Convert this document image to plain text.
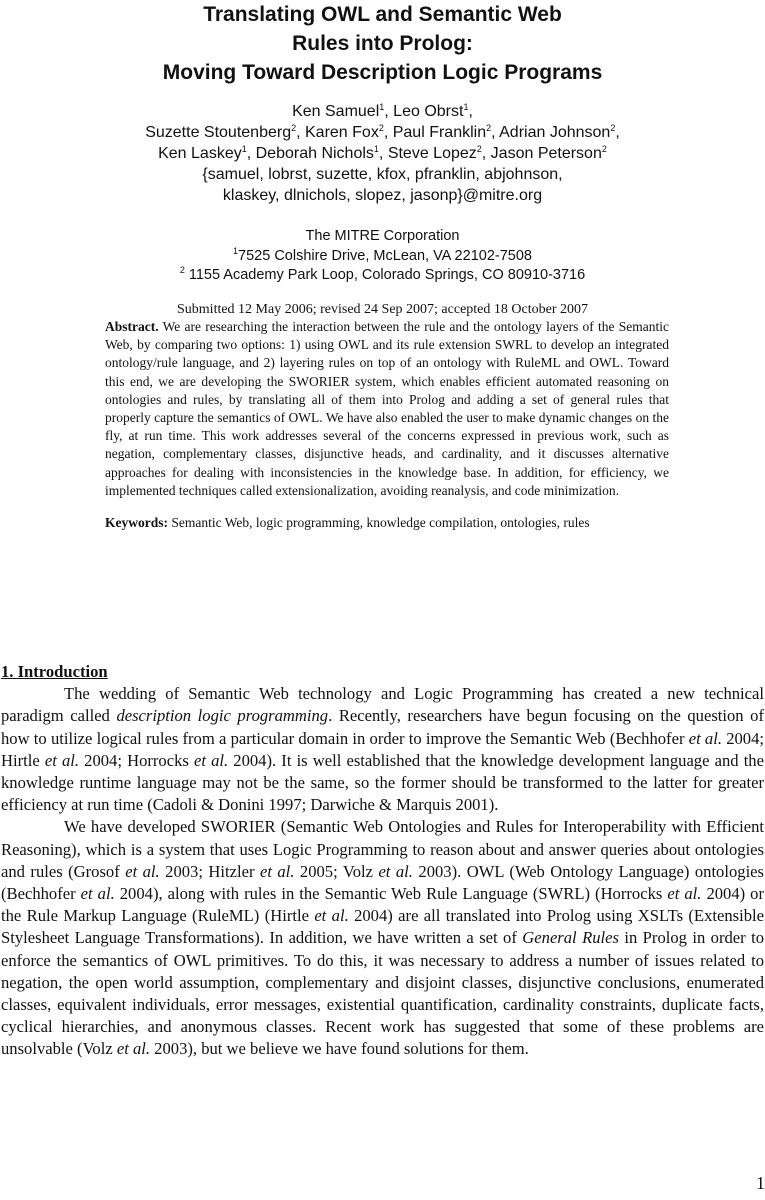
Translating OWL and Semantic Web
Rules into Prolog:
Moving Toward Description Logic Programs
Ken Samuel$^1$, Leo Obrst$^1$,
Suzette Stoutenberg$^2$, Karen Fox$^2$, Paul Franklin$^2$, Adrian Johnson$^2$,
Ken Laskey$^1$, Deborah Nichols$^1$, Steve Lopez$^2$, Jason Peterson$^2$
{samuel, lobrst, suzette, kfox, pfranklin, abjohnson,
klaskey, dlnichols, slopez, jasonp}@mitre.org
The MITRE Corporation
$^1$7525 Colshire Drive, McLean, VA 22102-7508
$^2$ 1155 Academy Park Loop, Colorado Springs, CO 80910-3716
Submitted 12 May 2006; revised 24 Sep 2007; accepted 18 October 2007

Abstract. We are researching the interaction between the rule and the ontology layers of the Semantic Web, by comparing two options: 1) using OWL and its rule extension SWRL to develop an integrated ontology/rule language, and 2) layering rules on top of an ontology with RuleML and OWL. Toward this end, we are developing the SWORIER system, which enables efficient automated reasoning on ontologies and rules, by translating all of them into Prolog and adding a set of general rules that properly capture the semantics of OWL. We have also enabled the user to make dynamic changes on the fly, at run time. This work addresses several of the concerns expressed in previous work, such as negation, complementary classes, disjunctive heads, and cardinality, and it discusses alternative approaches for dealing with inconsistencies in the knowledge base. In addition, for efficiency, we implemented techniques called extensionalization, avoiding reanalysis, and code minimization.

Keywords: Semantic Web, logic programming, knowledge compilation, ontologies, rules

1. Introduction

The wedding of Semantic Web technology and Logic Programming has created a new technical paradigm called description logic programming. Recently, researchers have begun focusing on the question of how to utilize logical rules from a particular domain in order to improve the Semantic Web (Bechhofer et al. 2004; Hirtle et al. 2004; Horrocks et al. 2004). It is well established that the knowledge development language and the knowledge runtime language may not be the same, so the former should be transformed to the latter for greater efficiency at run time (Cadoli & Donini 1997; Darwiche & Marquis 2001).

We have developed SWORIER (Semantic Web Ontologies and Rules for Interoperability with Efficient Reasoning), which is a system that uses Logic Programming to reason about and answer queries about ontologies and rules (Grosof et al. 2003; Hitzler et al. 2005; Volz et al. 2003). OWL (Web Ontology Language) ontologies (Bechhofer et al. 2004), along with rules in the Semantic Web Rule Language (SWRL) (Horrocks et al. 2004) or the Rule Markup Language (RuleML) (Hirtle et al. 2004) are all translated into Prolog using XSLTs (Extensible Stylesheet Language Transformations). In addition, we have written a set of General Rules in Prolog in order to enforce the semantics of OWL primitives. To do this, it was necessary to address a number of issues related to negation, the open world assumption, complementary and disjoint classes, disjunctive conclusions, enumerated classes, equivalent individuals, error messages, existential quantification, cardinality constraints, duplicate facts, cyclical hierarchies, and anonymous classes. Recent work has suggested that some of these problems are unsolvable (Volz et al. 2003), but we believe we have found solutions for them.

1
